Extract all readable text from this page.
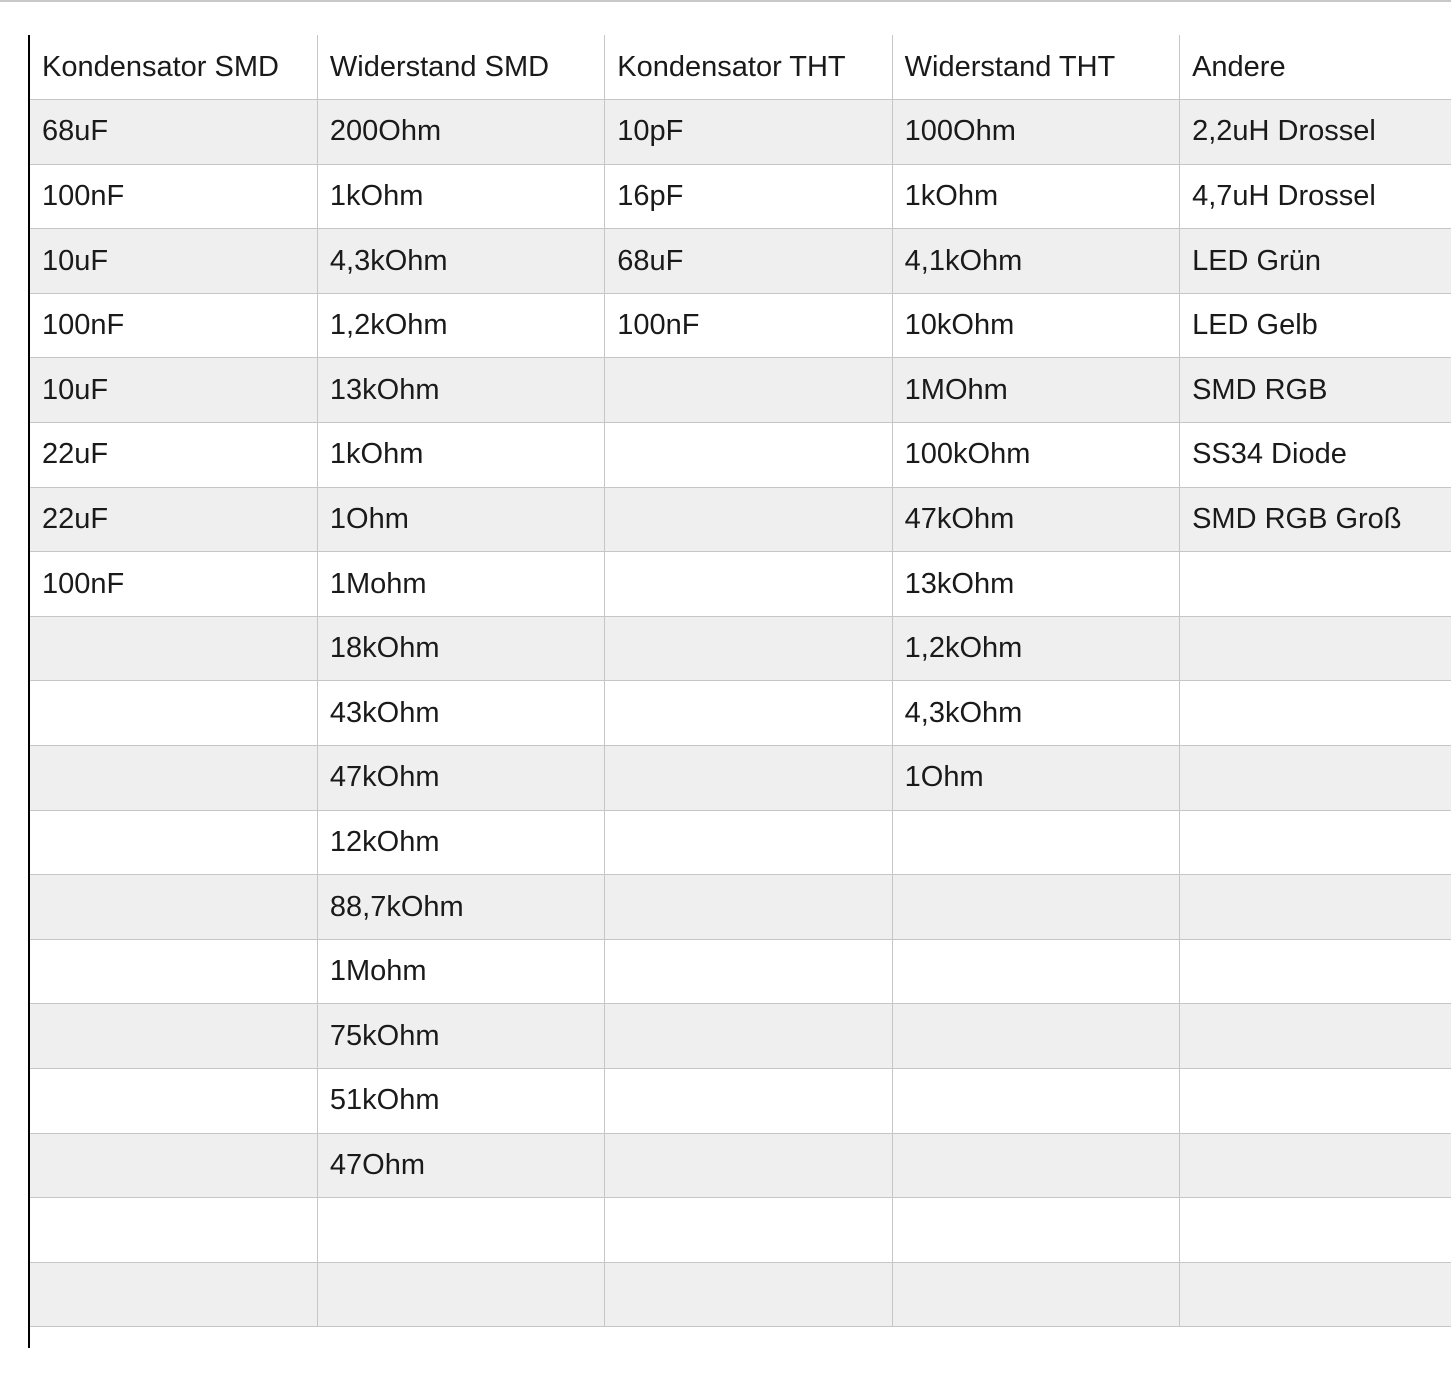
Kondensator SMD	Widerstand SMD	Kondensator THT	Widerstand THT	Andere
68uF	200Ohm	10pF	100Ohm	2,2uH Drossel
100nF	1kOhm	16pF	1kOhm	4,7uH Drossel
10uF	4,3kOhm	68uF	4,1kOhm	LED Grün
100nF	1,2kOhm	100nF	10kOhm	LED Gelb
10uF	13kOhm		1MOhm	SMD RGB
22uF	1kOhm		100kOhm	SS34 Diode
22uF	1Ohm		47kOhm	SMD RGB Groß
100nF	1Mohm		13kOhm	
	18kOhm		1,2kOhm	
	43kOhm		4,3kOhm	
	47kOhm		1Ohm	
	12kOhm			
	88,7kOhm			
	1Mohm			
	75kOhm			
	51kOhm			
	47Ohm			
